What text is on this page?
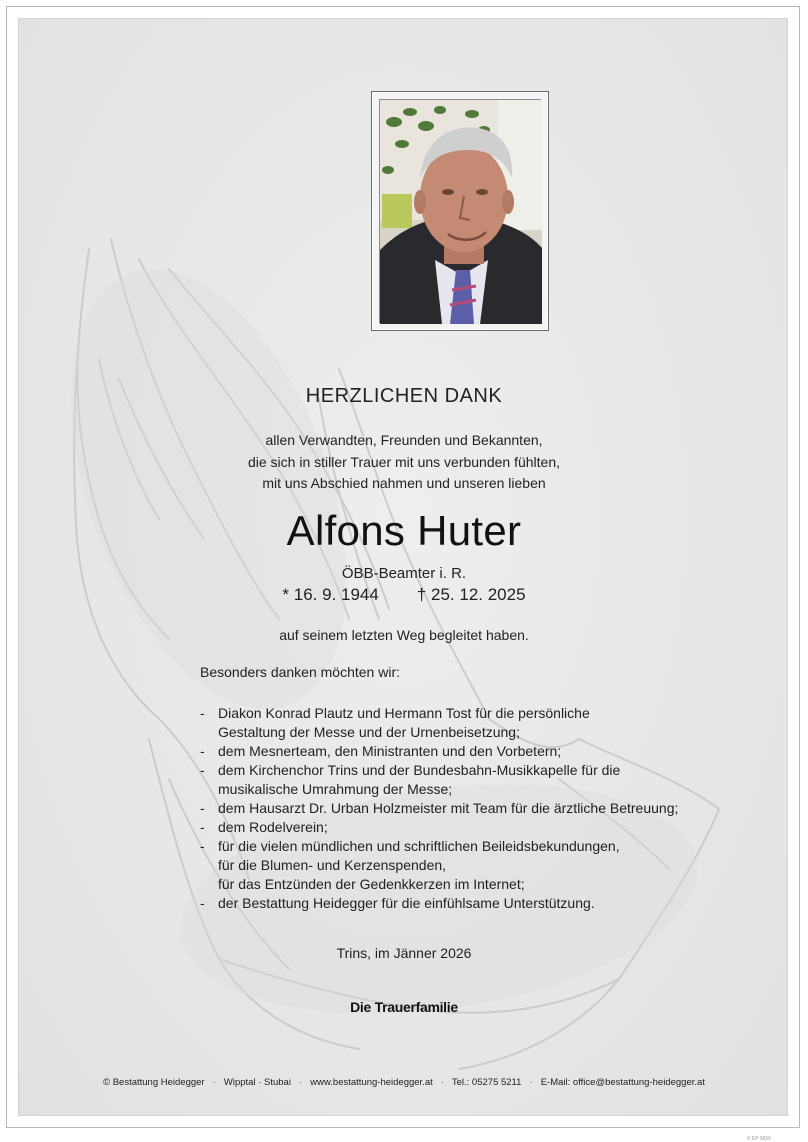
HERZLICHEN DANK
allen Verwandten, Freunden und Bekannten,
die sich in stiller Trauer mit uns verbunden fühlten,
mit uns Abschied nahmen und unseren lieben
Alfons Huter
ÖBB-Beamter i. R.
* 16. 9. 1944 † 25. 12. 2025
auf seinem letzten Weg begleitet haben.
Besonders danken möchten wir:
- Diakon Konrad Plautz und Hermann Tost für die persönliche
Gestaltung der Messe und der Urnenbeisetzung;
- dem Mesnerteam, den Ministranten und den Vorbetern;
- dem Kirchenchor Trins und der Bundesbahn-Musikkapelle für die
musikalische Umrahmung der Messe;
- dem Hausarzt Dr. Urban Holzmeister mit Team für die ärztliche Betreuung;
- dem Rodelverein;
- für die vielen mündlichen und schriftlichen Beileidsbekundungen,
für die Blumen- und Kerzenspenden,
für das Entzünden der Gedenkkerzen im Internet;
- der Bestattung Heidegger für die einfühlsame Unterstützung.
Trins, im Jänner 2026
Die Trauerfamilie
© Bestattung Heidegger · Wipptal · Stubai · www.bestattung-heidegger.at · Tel.: 05275 5211 · E-Mail: office@bestattung-heidegger.at
© EP 9656
